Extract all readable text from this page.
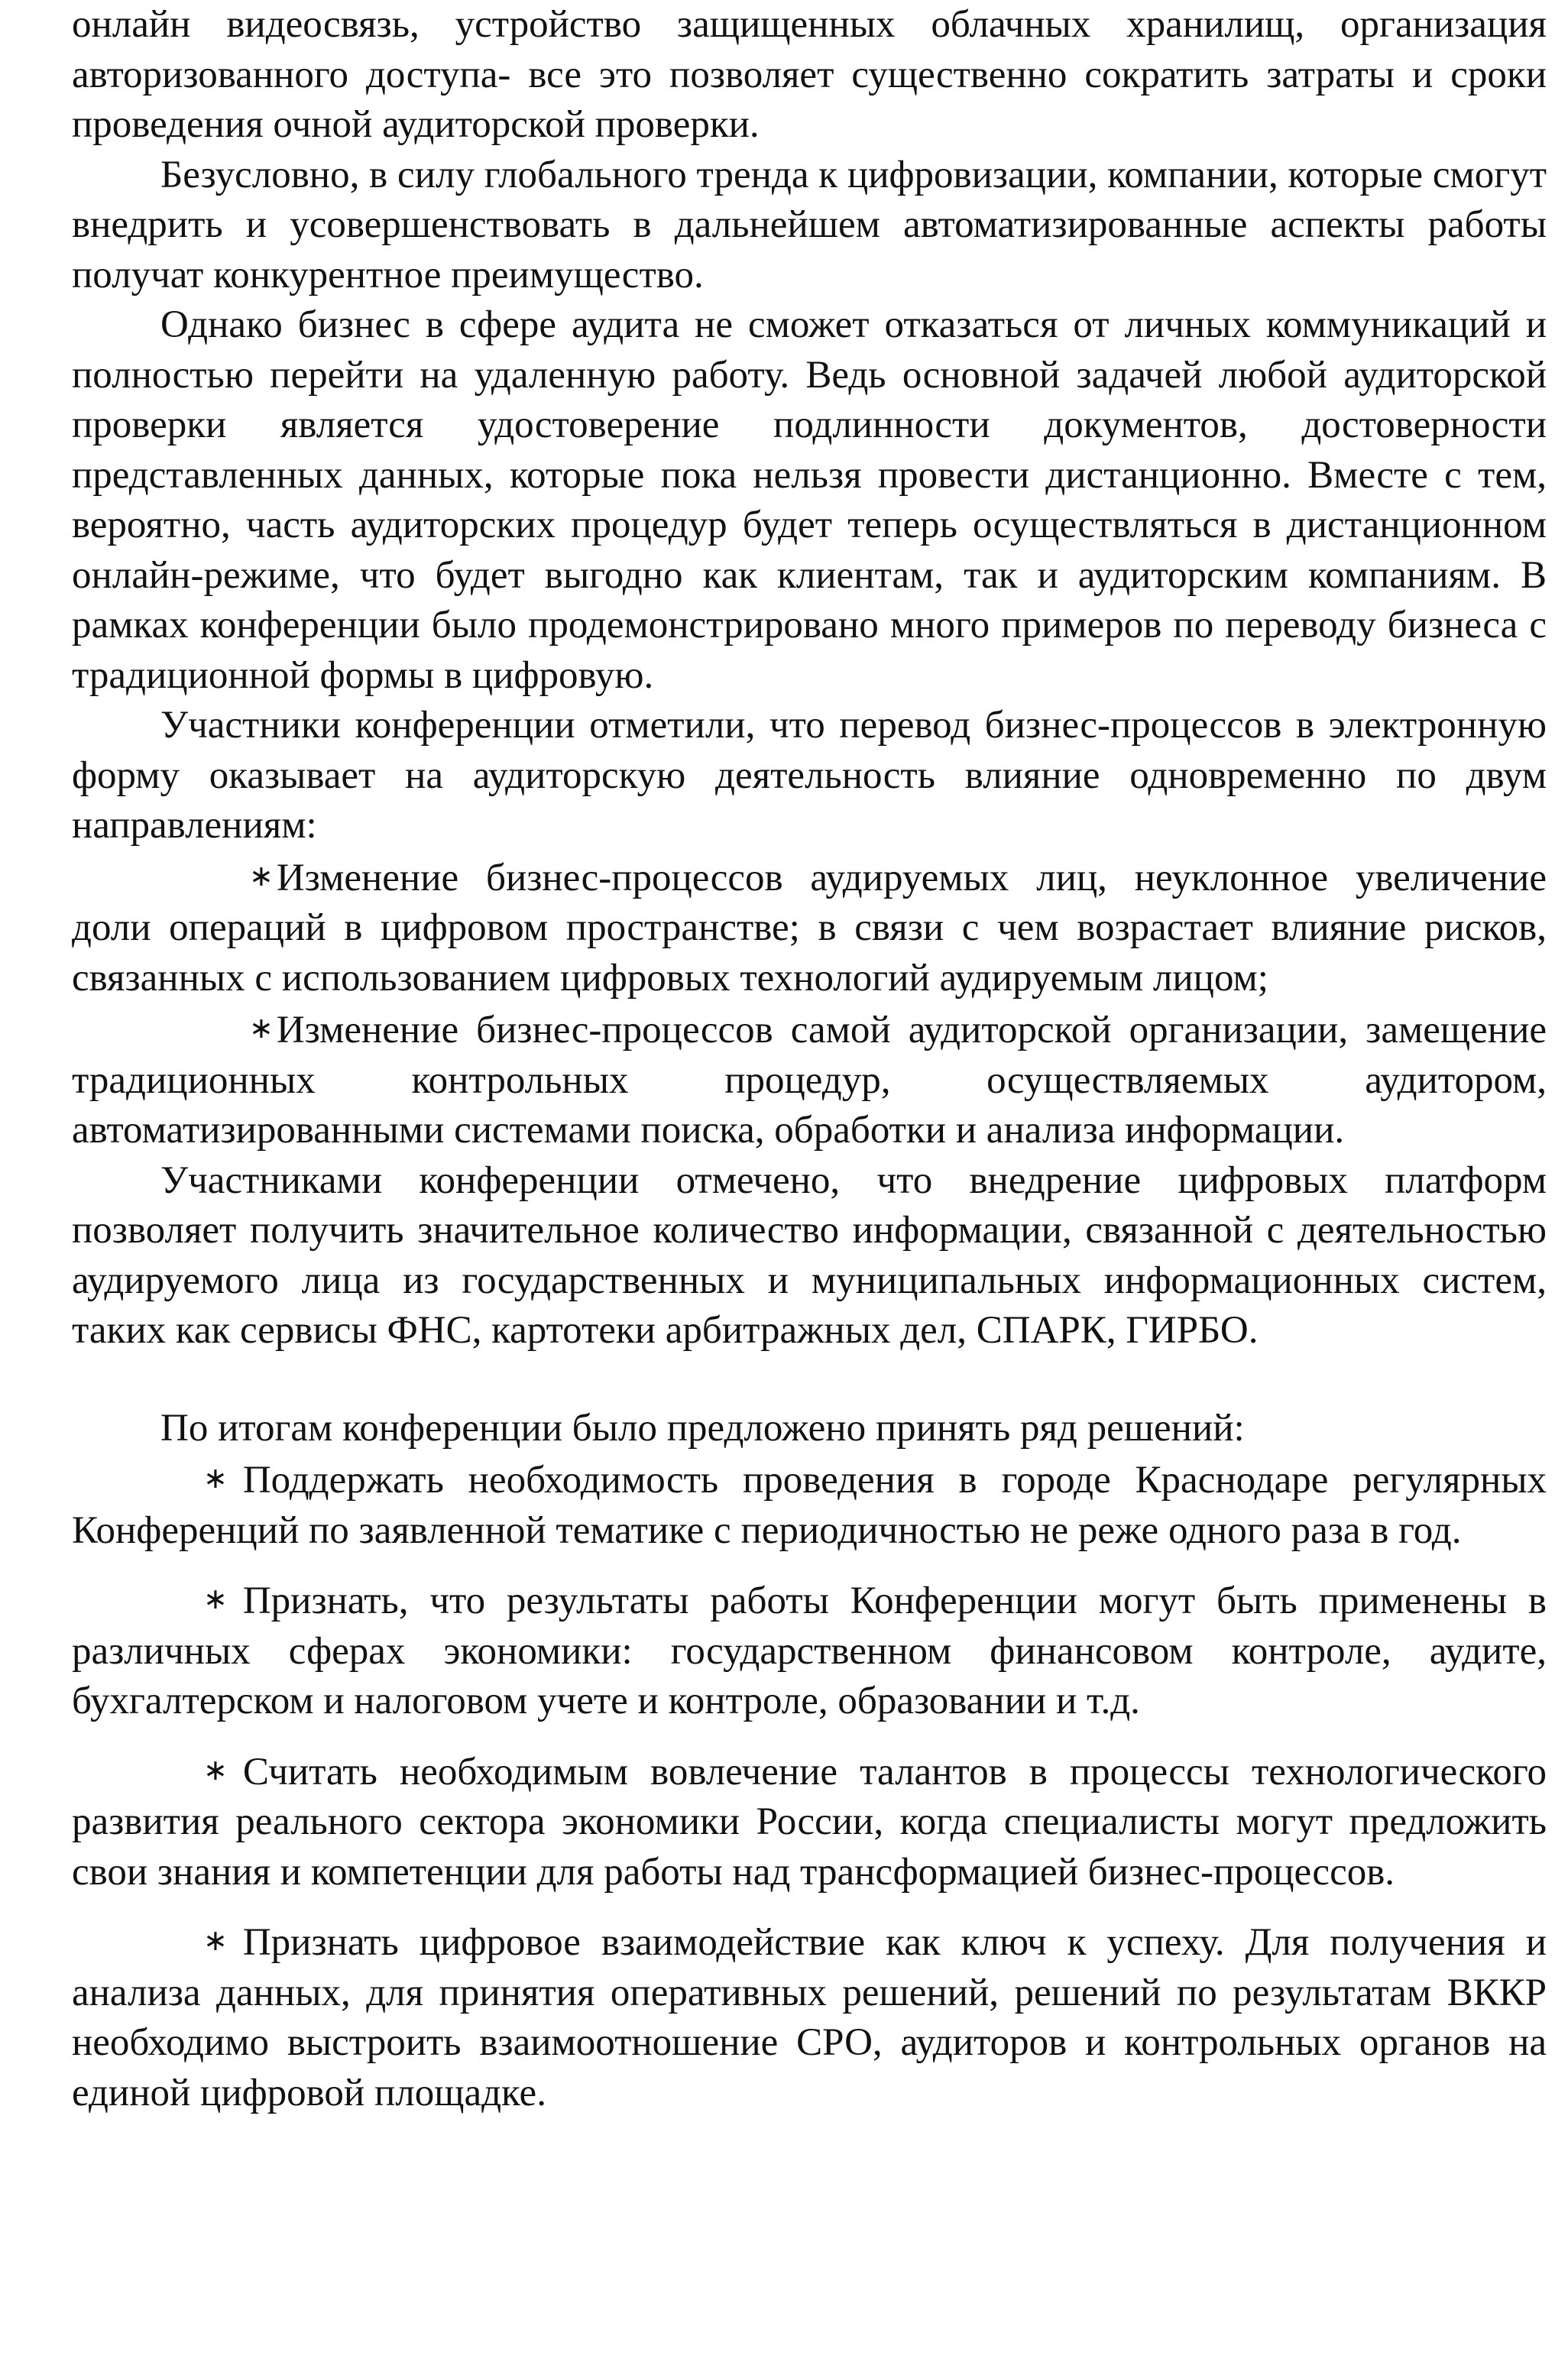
онлайн видеосвязь, устройство защищенных облачных хранилищ, организация авторизованного доступа- все это позволяет существенно сократить затраты и сроки проведения очной аудиторской проверки.

Безусловно, в силу глобального тренда к цифровизации, компании, которые смогут внедрить и усовершенствовать в дальнейшем автоматизированные аспекты работы получат конкурентное преимущество.

Однако бизнес в сфере аудита не сможет отказаться от личных коммуникаций и полностью перейти на удаленную работу. Ведь основной задачей любой аудиторской проверки является удостоверение подлинности документов, достоверности представленных данных, которые пока нельзя провести дистанционно. Вместе с тем, вероятно, часть аудиторских процедур будет теперь осуществляться в дистанционном онлайн-режиме, что будет выгодно как клиентам, так и аудиторским компаниям. В рамках конференции было продемонстрировано много примеров по переводу бизнеса с традиционной формы в цифровую.

Участники конференции отметили, что перевод бизнес-процессов в электронную форму оказывает на аудиторскую деятельность влияние одновременно по двум направлениям:

∗Изменение бизнес-процессов аудируемых лиц, неуклонное увеличение доли операций в цифровом пространстве; в связи с чем возрастает влияние рисков, связанных с использованием цифровых технологий аудируемым лицом;

∗Изменение бизнес-процессов самой аудиторской организации, замещение традиционных контрольных процедур, осуществляемых аудитором, автоматизированными системами поиска, обработки и анализа информации.

Участниками конференции отмечено, что внедрение цифровых платформ позволяет получить значительное количество информации, связанной с деятельностью аудируемого лица из государственных и муниципальных информационных систем, таких как сервисы ФНС, картотеки арбитражных дел, СПАРК, ГИРБО.

По итогам конференции было предложено принять ряд решений:

∗ Поддержать необходимость проведения в городе Краснодаре регулярных Конференций по заявленной тематике с периодичностью не реже одного раза в год.

∗ Признать, что результаты работы Конференции могут быть применены в различных сферах экономики: государственном финансовом контроле, аудите, бухгалтерском и налоговом учете и контроле, образовании и т.д.

∗ Считать необходимым вовлечение талантов в процессы технологического развития реального сектора экономики России, когда специалисты могут предложить свои знания и компетенции для работы над трансформацией бизнес-процессов.

∗ Признать цифровое взаимодействие как ключ к успеху. Для получения и анализа данных, для принятия оперативных решений, решений по результатам ВККР необходимо выстроить взаимоотношение СРО, аудиторов и контрольных органов на единой цифровой площадке.
